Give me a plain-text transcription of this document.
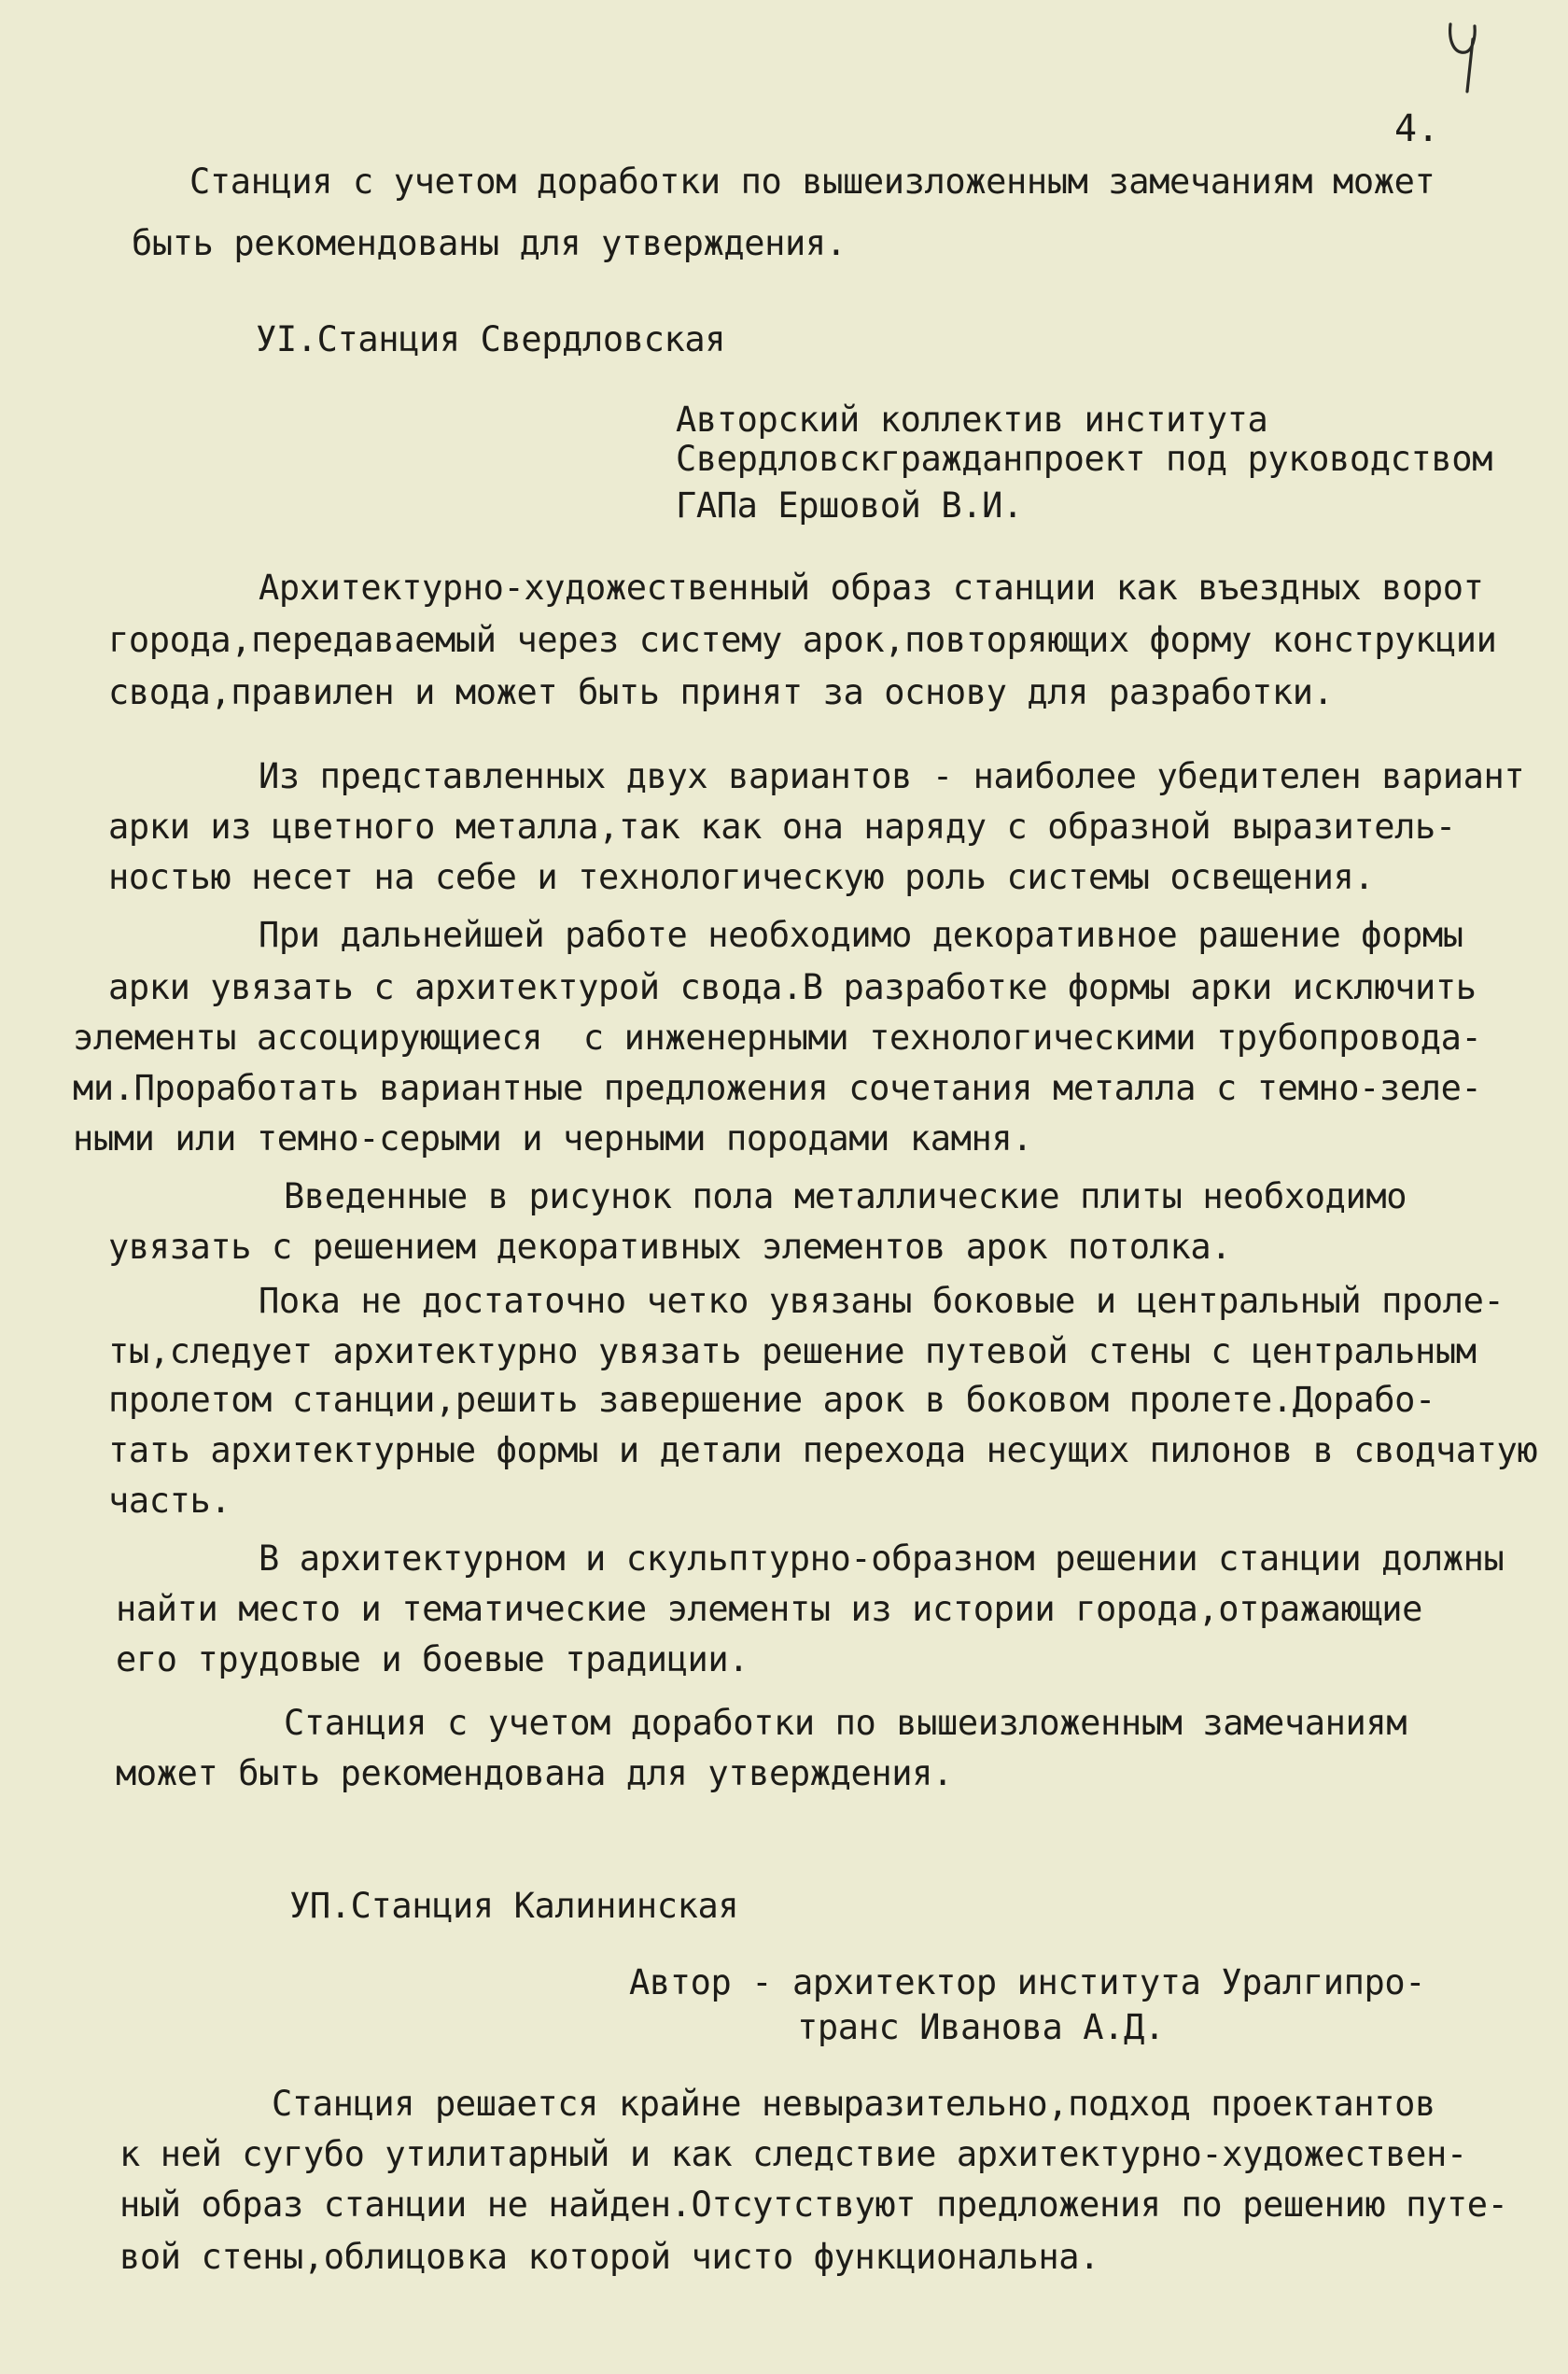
4.
Станция с учетом доработки по вышеизложенным замечаниям может
быть рекомендованы для утверждения.
УI.Станция Свердловская
Авторский коллектив института
Свердловскгражданпроект под руководством
ГАПа Ершовой В.И.
Архитектурно-художественный образ станции как въездных ворот
города,передаваемый через систему арок,повторяющих форму конструкции
свода,правилен и может быть принят за основу для разработки.
Из представленных двух вариантов - наиболее убедителен вариант
арки из цветного металла,так как она наряду с образной выразитель-
ностью несет на себе и технологическую роль системы освещения.
При дальнейшей работе необходимо декоративное рашение формы
арки увязать с архитектурой свода.В разработке формы арки исключить
элементы ассоцирующиеся  с инженерными технологическими трубопровода-
ми.Проработать вариантные предложения сочетания металла с темно-зеле-
ными или темно-серыми и черными породами камня.
Введенные в рисунок пола металлические плиты необходимо
увязать с решением декоративных элементов арок потолка.
Пока не достаточно четко увязаны боковые и центральный проле-
ты,следует архитектурно увязать решение путевой стены с центральным
пролетом станции,решить завершение арок в боковом пролете.Дорабо-
тать архитектурные формы и детали перехода несущих пилонов в сводчатую
часть.
В архитектурном и скульптурно-образном решении станции должны
найти место и тематические элементы из истории города,отражающие
его трудовые и боевые традиции.
Станция с учетом доработки по вышеизложенным замечаниям
может быть рекомендована для утверждения.
УП.Станция Калининская
Автор - архитектор института Уралгипро-
транс Иванова А.Д.
Станция решается крайне невыразительно,подход проектантов
к ней сугубо утилитарный и как следствие архитектурно-художествен-
ный образ станции не найден.Отсутствуют предложения по решению путе-
вой стены,облицовка которой чисто функциональна.
